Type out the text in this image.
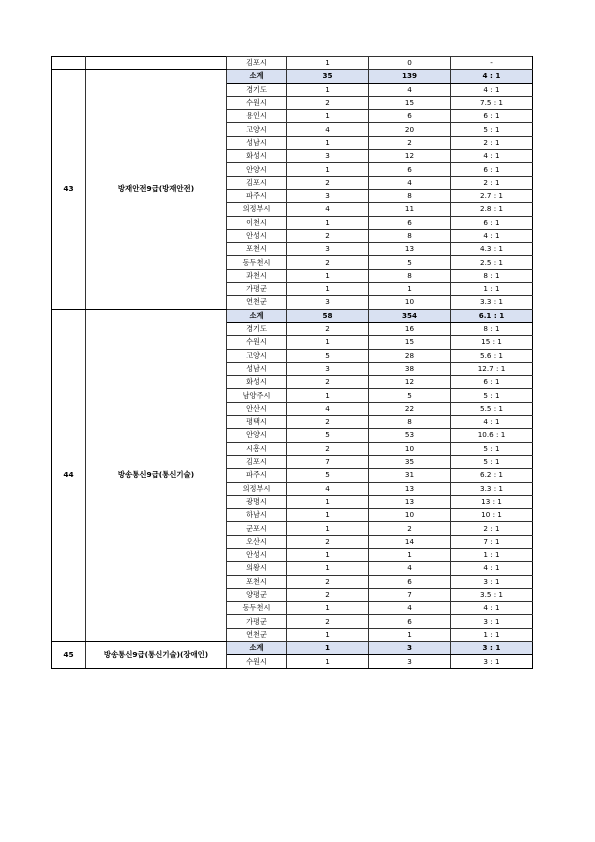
		김포시	1	0	-
43	방재안전9급(방재안전)	소계	35	139	4 : 1
		경기도	1	4	4 : 1
		수원시	2	15	7.5 : 1
		용인시	1	6	6 : 1
		고양시	4	20	5 : 1
		성남시	1	2	2 : 1
		화성시	3	12	4 : 1
		안양시	1	6	6 : 1
		김포시	2	4	2 : 1
		파주시	3	8	2.7 : 1
		의정부시	4	11	2.8 : 1
		이천시	1	6	6 : 1
		안성시	2	8	4 : 1
		포천시	3	13	4.3 : 1
		동두천시	2	5	2.5 : 1
		과천시	1	8	8 : 1
		가평군	1	1	1 : 1
		연천군	3	10	3.3 : 1
44	방송통신9급(통신기술)	소계	58	354	6.1 : 1
		경기도	2	16	8 : 1
		수원시	1	15	15 : 1
		고양시	5	28	5.6 : 1
		성남시	3	38	12.7 : 1
		화성시	2	12	6 : 1
		남양주시	1	5	5 : 1
		안산시	4	22	5.5 : 1
		평택시	2	8	4 : 1
		안양시	5	53	10.6 : 1
		시흥시	2	10	5 : 1
		김포시	7	35	5 : 1
		파주시	5	31	6.2 : 1
		의정부시	4	13	3.3 : 1
		광명시	1	13	13 : 1
		하남시	1	10	10 : 1
		군포시	1	2	2 : 1
		오산시	2	14	7 : 1
		안성시	1	1	1 : 1
		의왕시	1	4	4 : 1
		포천시	2	6	3 : 1
		양평군	2	7	3.5 : 1
		동두천시	1	4	4 : 1
		가평군	2	6	3 : 1
		연천군	1	1	1 : 1
45	방송통신9급(통신기술)(장애인)	소계	1	3	3 : 1
		수원시	1	3	3 : 1
